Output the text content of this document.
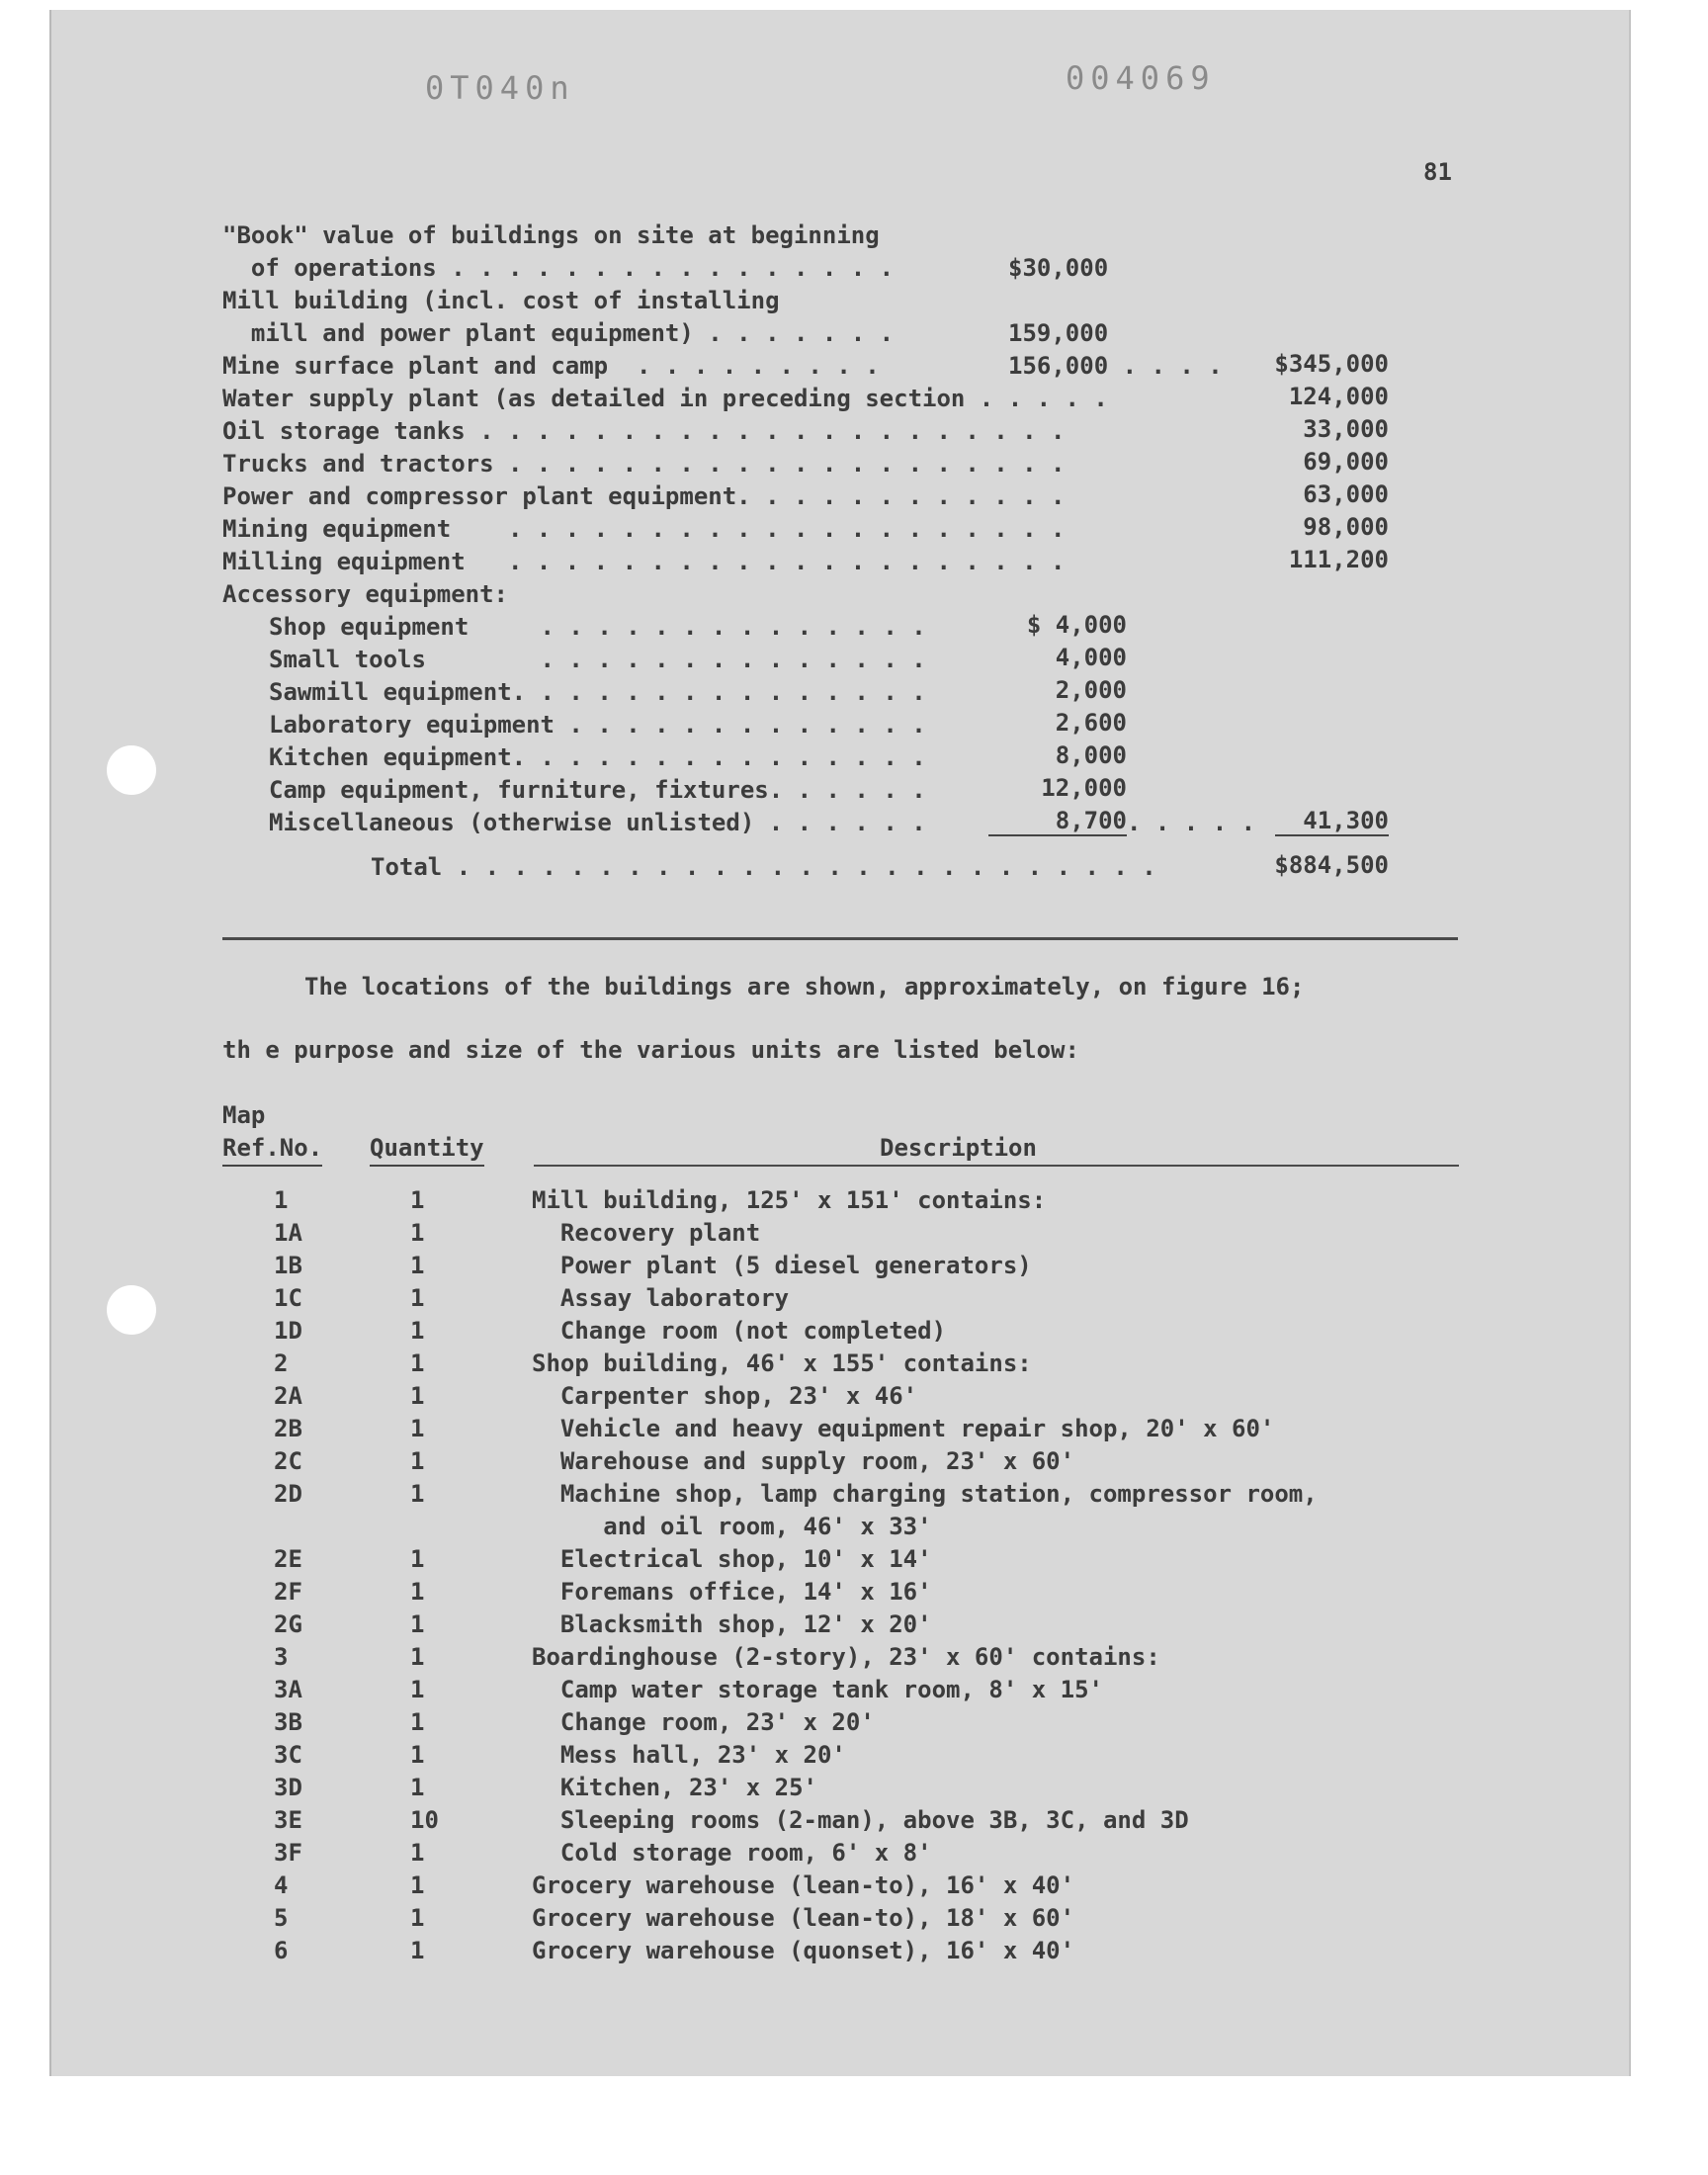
0T040n	004069
81
"Book" value of buildings on site at beginning
of operations . . . . . . . . . . . . . . . .	$30,000
Mill building (incl. cost of installing
mill and power plant equipment) . . . . . . .	159,000
Mine surface plant and camp  . . . . . . . . .	156,000 . . . .	$345,000
Water supply plant (as detailed in preceding section . . . . .	124,000
Oil storage tanks . . . . . . . . . . . . . . . . . . . . .	33,000
Trucks and tractors . . . . . . . . . . . . . . . . . . . .	69,000
Power and compressor plant equipment. . . . . . . . . . . .	63,000
Mining equipment    . . . . . . . . . . . . . . . . . . . .	98,000
Milling equipment   . . . . . . . . . . . . . . . . . . . .	111,200
Accessory equipment:
Shop equipment     . . . . . . . . . . . . . .	$ 4,000
Small tools        . . . . . . . . . . . . . .	4,000
Sawmill equipment. . . . . . . . . . . . . . .	2,000
Laboratory equipment . . . . . . . . . . . . .	2,600
Kitchen equipment. . . . . . . . . . . . . . .	8,000
Camp equipment, furniture, fixtures. . . . . .	12,000
Miscellaneous (otherwise unlisted) . . . . . .	8,700 . . . . .	41,300
Total . . . . . . . . . . . . . . . . . . . . . . . . .	$884,500
The locations of the buildings are shown, approximately, on figure 16;
th e purpose and size of the various units are listed below:
Map
Ref.No. Quantity	Description
1	1	Mill building, 125' x 151' contains:
1A	1	Recovery plant
1B	1	Power plant (5 diesel generators)
1C	1	Assay laboratory
1D	1	Change room (not completed)
2	1	Shop building, 46' x 155' contains:
2A	1	Carpenter shop, 23' x 46'
2B	1	Vehicle and heavy equipment repair shop, 20' x 60'
2C	1	Warehouse and supply room, 23' x 60'
2D	1	Machine shop, lamp charging station, compressor room,
and oil room, 46' x 33'
2E	1	Electrical shop, 10' x 14'
2F	1	Foremans office, 14' x 16'
2G	1	Blacksmith shop, 12' x 20'
3	1	Boardinghouse (2-story), 23' x 60' contains:
3A	1	Camp water storage tank room, 8' x 15'
3B	1	Change room, 23' x 20'
3C	1	Mess hall, 23' x 20'
3D	1	Kitchen, 23' x 25'
3E	10	Sleeping rooms (2-man), above 3B, 3C, and 3D
3F	1	Cold storage room, 6' x 8'
4	1	Grocery warehouse (lean-to), 16' x 40'
5	1	Grocery warehouse (lean-to), 18' x 60'
6	1	Grocery warehouse (quonset), 16' x 40'
